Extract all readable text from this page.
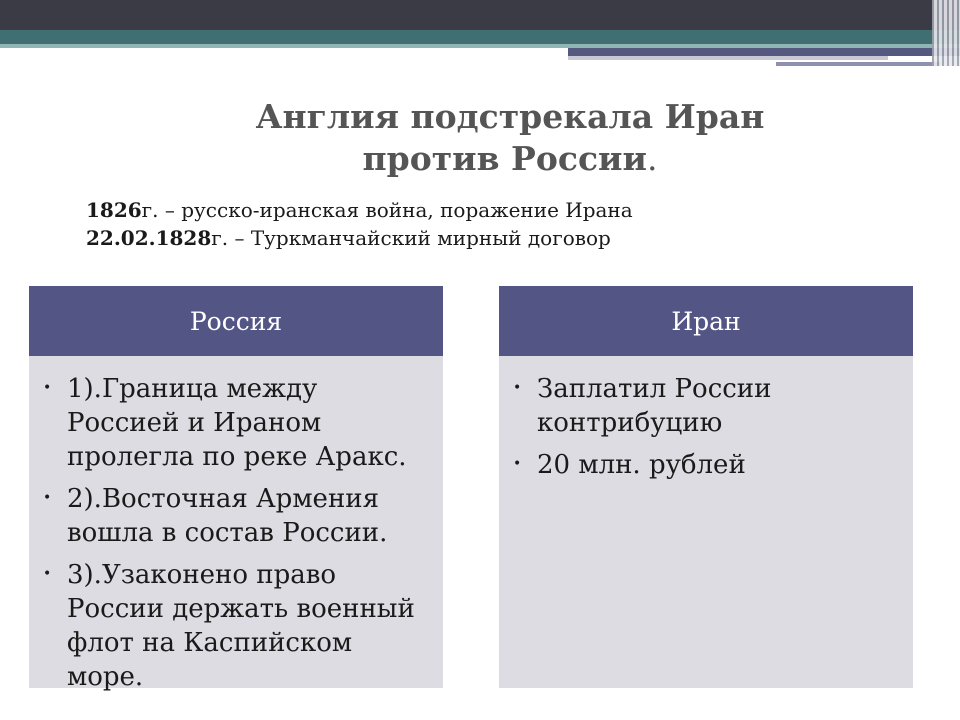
Англия подстрекала Иран
против России.
1826г. – русско-иранская война, поражение Ирана
22.02.1828г. – Туркманчайский мирный договор
Россия
• 1).Граница между Россией и Ираном пролегла по реке Аракс.
• 2).Восточная Армения вошла в состав России.
• 3).Узаконено право России держать военный флот на Каспийском море.
Иран
• Заплатил России контрибуцию
• 20 млн. рублей
